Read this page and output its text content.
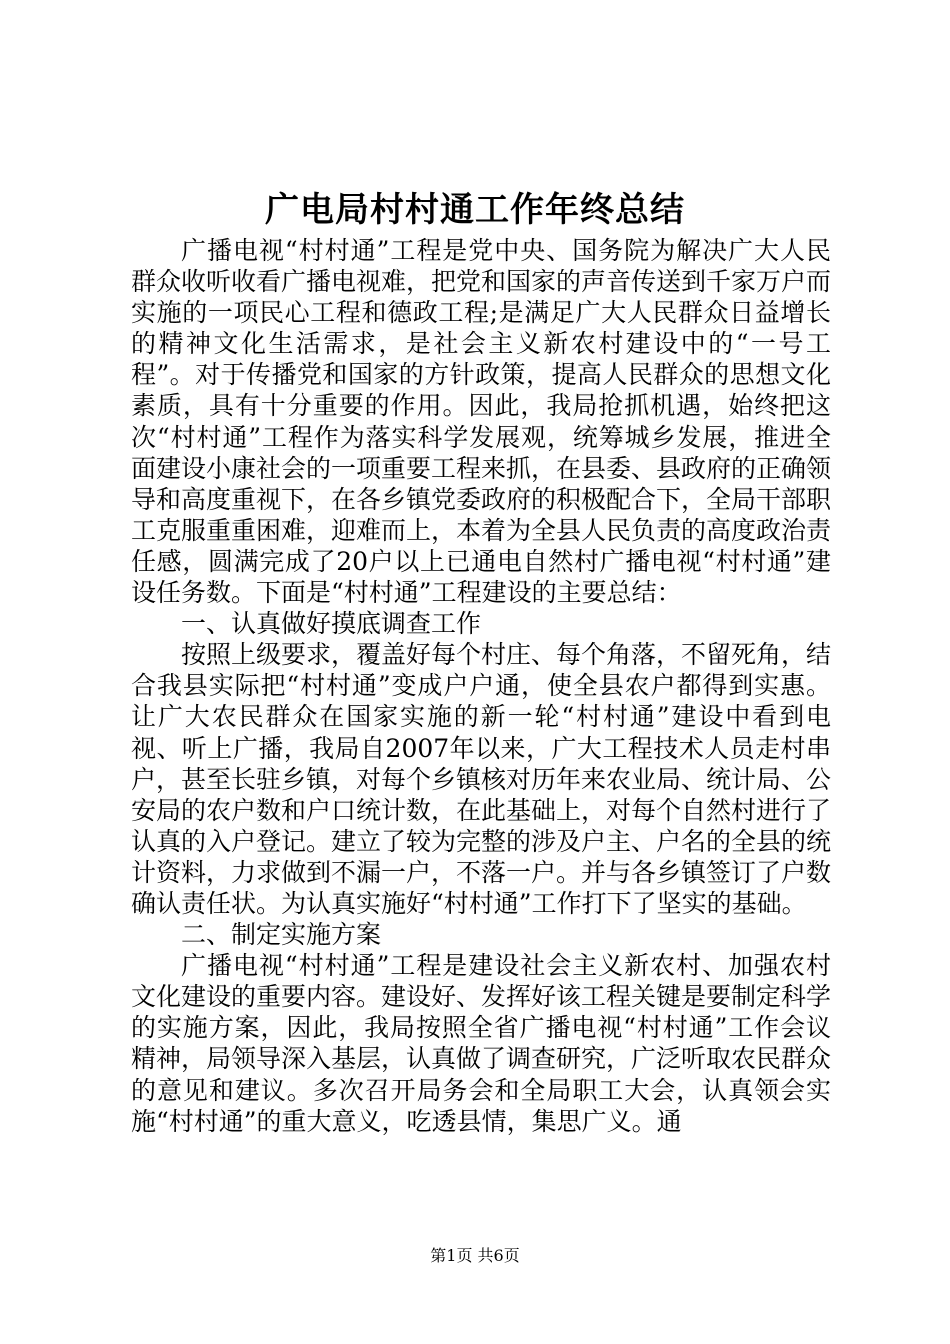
广电局村村通工作年终总结

广播电视“村村通”工程是党中央、国务院为解决广大人民群众收听收看广播电视难，把党和国家的声音传送到千家万户而实施的一项民心工程和德政工程;是满足广大人民群众日益增长的精神文化生活需求，是社会主义新农村建设中的“一号工程”。对于传播党和国家的方针政策，提高人民群众的思想文化素质，具有十分重要的作用。因此，我局抢抓机遇，始终把这次“村村通”工程作为落实科学发展观，统筹城乡发展，推进全面建设小康社会的一项重要工程来抓，在县委、县政府的正确领导和高度重视下，在各乡镇党委政府的积极配合下，全局干部职工克服重重困难，迎难而上，本着为全县人民负责的高度政治责任感，圆满完成了20户以上已通电自然村广播电视“村村通”建设任务数。下面是“村村通”工程建设的主要总结：

一、认真做好摸底调查工作

按照上级要求，覆盖好每个村庄、每个角落，不留死角，结合我县实际把“村村通”变成户户通，使全县农户都得到实惠。让广大农民群众在国家实施的新一轮“村村通”建设中看到电视、听上广播，我局自2007年以来，广大工程技术人员走村串户，甚至长驻乡镇，对每个乡镇核对历年来农业局、统计局、公安局的农户数和户口统计数，在此基础上，对每个自然村进行了认真的入户登记。建立了较为完整的涉及户主、户名的全县的统计资料，力求做到不漏一户，不落一户。并与各乡镇签订了户数确认责任状。为认真实施好“村村通”工作打下了坚实的基础。

二、制定实施方案

广播电视“村村通”工程是建设社会主义新农村、加强农村文化建设的重要内容。建设好、发挥好该工程关键是要制定科学的实施方案，因此，我局按照全省广播电视“村村通”工作会议精神，局领导深入基层，认真做了调查研究，广泛听取农民群众的意见和建议。多次召开局务会和全局职工大会，认真领会实施“村村通”的重大意义，吃透县情，集思广义。通

第1页 共6页
